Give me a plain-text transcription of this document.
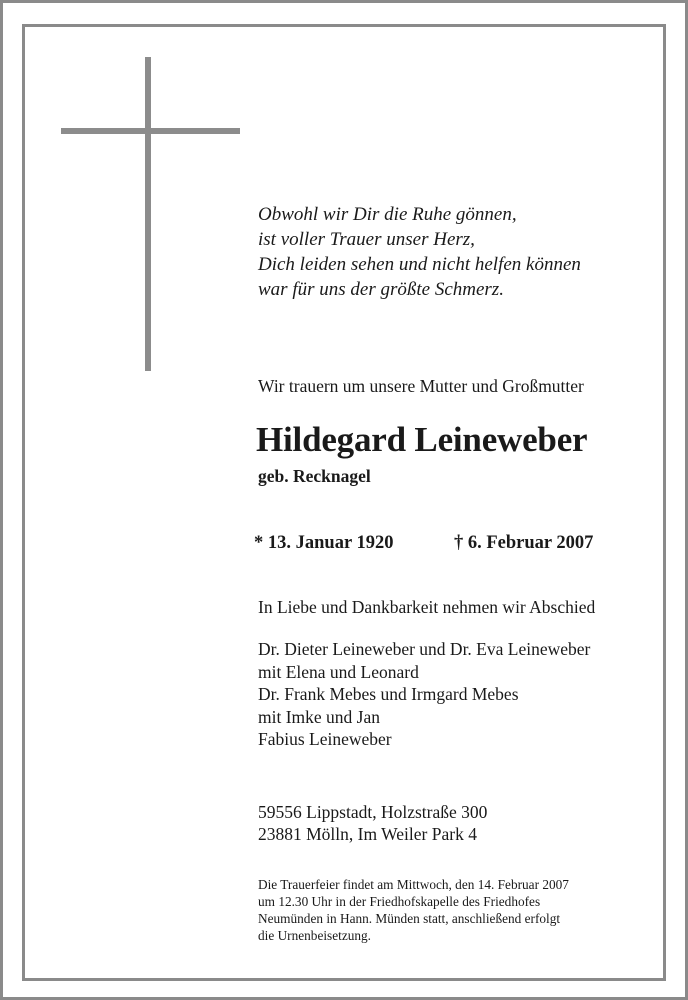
Obwohl wir Dir die Ruhe gönnen,
ist voller Trauer unser Herz,
Dich leiden sehen und nicht helfen können
war für uns der größte Schmerz.
Wir trauern um unsere Mutter und Großmutter
Hildegard Leineweber
geb. Recknagel
* 13. Januar 1920	† 6. Februar 2007
In Liebe und Dankbarkeit nehmen wir Abschied
Dr. Dieter Leineweber und Dr. Eva Leineweber
mit Elena und Leonard
Dr. Frank Mebes und Irmgard Mebes
mit Imke und Jan
Fabius Leineweber
59556 Lippstadt, Holzstraße 300
23881 Mölln, Im Weiler Park 4
Die Trauerfeier findet am Mittwoch, den 14. Februar 2007
um 12.30 Uhr in der Friedhofskapelle des Friedhofes
Neumünden in Hann. Münden statt, anschließend erfolgt
die Urnenbeisetzung.
